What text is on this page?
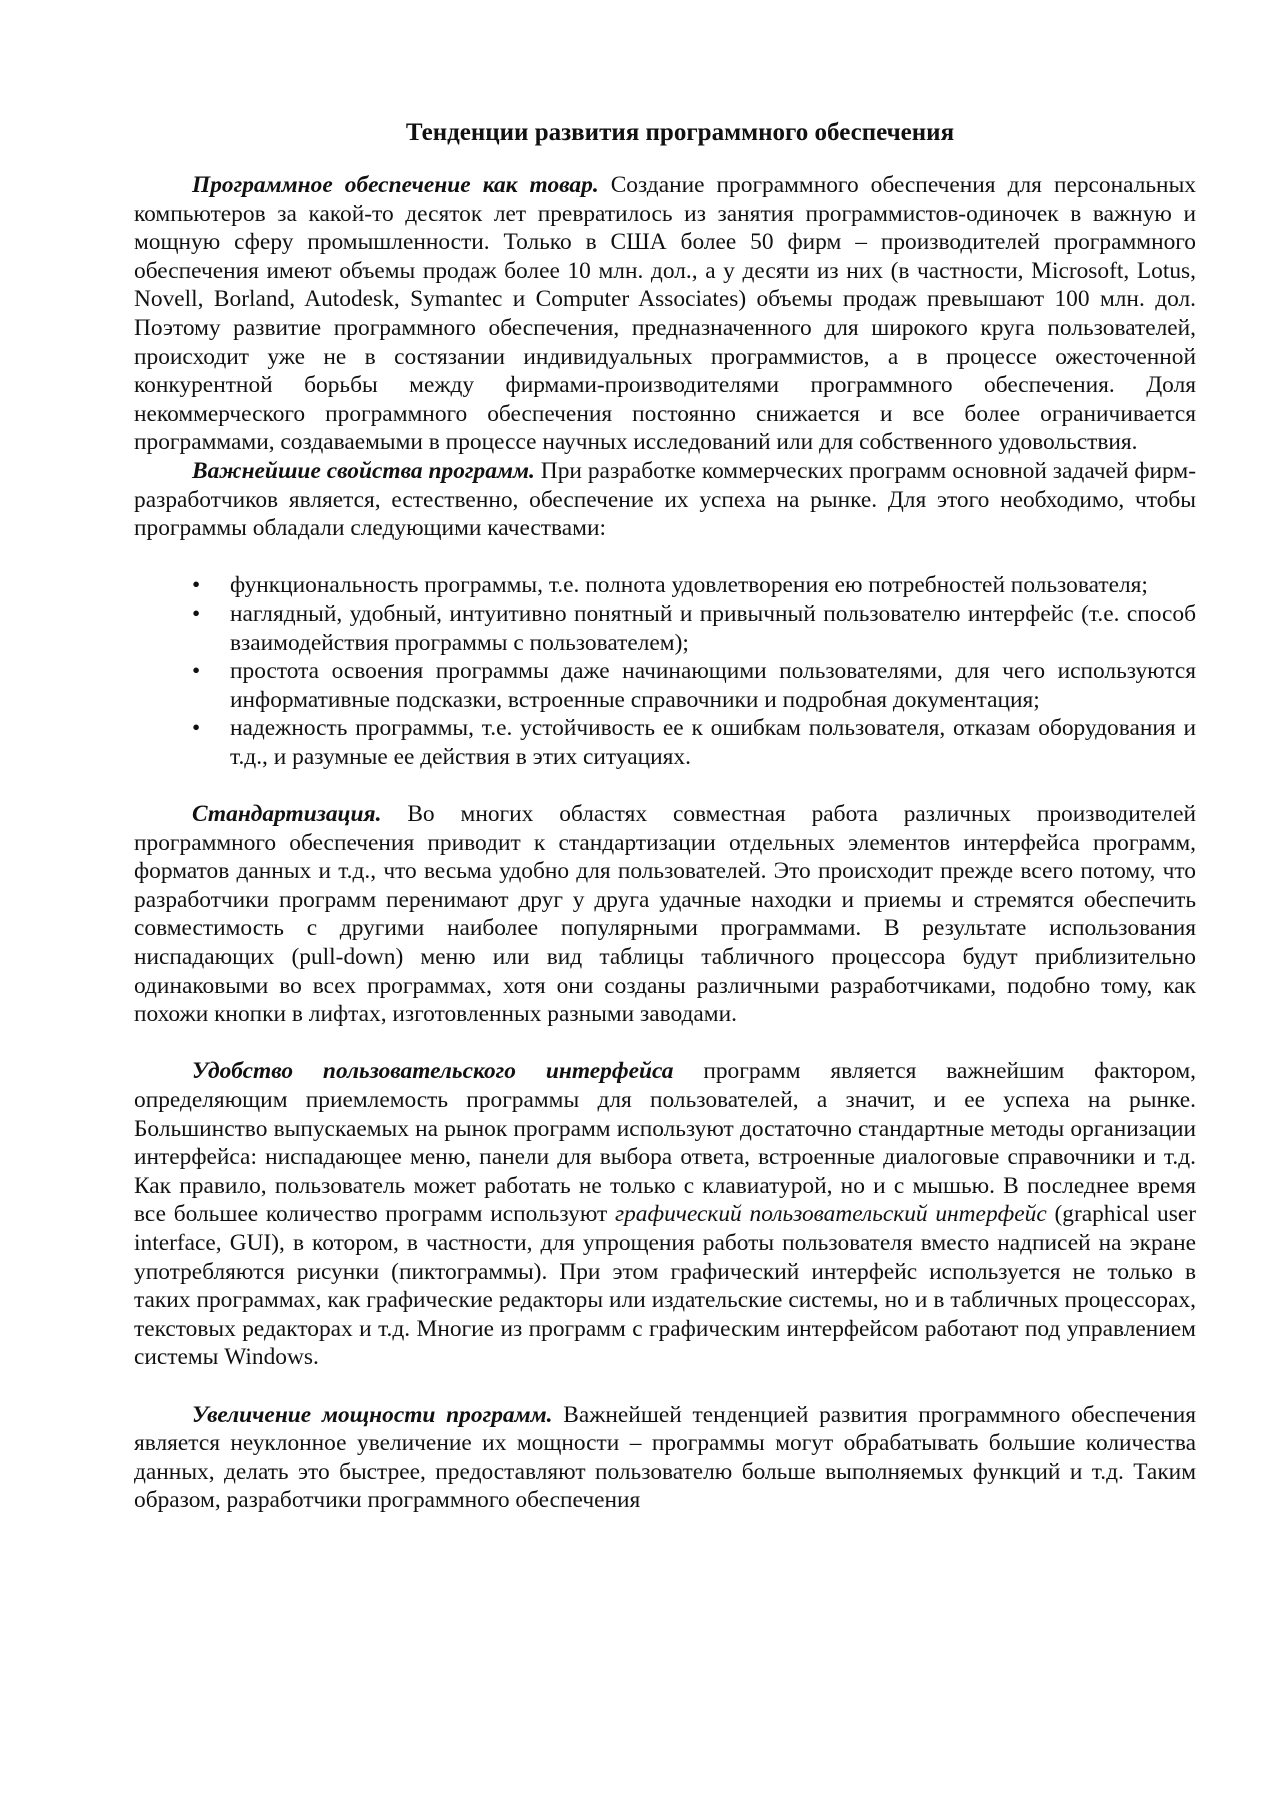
Тенденции развития программного обеспечения

Программное обеспечение как товар. Создание программного обеспечения для персональных компьютеров за какой-то десяток лет превратилось из занятия программистов-одиночек в важную и мощную сферу промышленности. Только в США более 50 фирм – производителей программного обеспечения имеют объемы продаж более 10 млн. дол., а у десяти из них (в частности, Microsoft, Lotus, Novell, Borland, Autodesk, Symantec и Computer Associates) объемы продаж превышают 100 млн. дол. Поэтому развитие программного обеспечения, предназначенного для широкого круга пользователей, происходит уже не в состязании индивидуальных программистов, а в процессе ожесточенной конкурентной борьбы между фирмами-производителями программного обеспечения. Доля некоммерческого программного обеспечения постоянно снижается и все более ограничивается программами, создаваемыми в процессе научных исследований или для собственного удовольствия.

Важнейшие свойства программ. При разработке коммерческих программ основной задачей фирм-разработчиков является, естественно, обеспечение их успеха на рынке. Для этого необходимо, чтобы программы обладали следующими качествами:

• функциональность программы, т.е. полнота удовлетворения ею потребностей пользователя;
• наглядный, удобный, интуитивно понятный и привычный пользователю интерфейс (т.е. способ взаимодействия программы с пользователем);
• простота освоения программы даже начинающими пользователями, для чего используются информативные подсказки, встроенные справочники и подробная документация;
• надежность программы, т.е. устойчивость ее к ошибкам пользователя, отказам оборудования и т.д., и разумные ее действия в этих ситуациях.

Стандартизация. Во многих областях совместная работа различных производителей программного обеспечения приводит к стандартизации отдельных элементов интерфейса программ, форматов данных и т.д., что весьма удобно для пользователей. Это происходит прежде всего потому, что разработчики программ перенимают друг у друга удачные находки и приемы и стремятся обеспечить совместимость с другими наиболее популярными программами. В результате использования ниспадающих (pull-down) меню или вид таблицы табличного процессора будут приблизительно одинаковыми во всех программах, хотя они созданы различными разработчиками, подобно тому, как похожи кнопки в лифтах, изготовленных разными заводами.

Удобство пользовательского интерфейса программ является важнейшим фактором, определяющим приемлемость программы для пользователей, а значит, и ее успеха на рынке. Большинство выпускаемых на рынок программ используют достаточно стандартные методы организации интерфейса: ниспадающее меню, панели для выбора ответа, встроенные диалоговые справочники и т.д. Как правило, пользователь может работать не только с клавиатурой, но и с мышью. В последнее время все большее количество программ используют графический пользовательский интерфейс (graphical user interface, GUI), в котором, в частности, для упрощения работы пользователя вместо надписей на экране употребляются рисунки (пиктограммы). При этом графический интерфейс используется не только в таких программах, как графические редакторы или издательские системы, но и в табличных процессорах, текстовых редакторах и т.д. Многие из программ с графическим интерфейсом работают под управлением системы Windows.

Увеличение мощности программ. Важнейшей тенденцией развития программного обеспечения является неуклонное увеличение их мощности – программы могут обрабатывать большие количества данных, делать это быстрее, предоставляют пользователю больше выполняемых функций и т.д. Таким образом, разработчики программного обеспечения
